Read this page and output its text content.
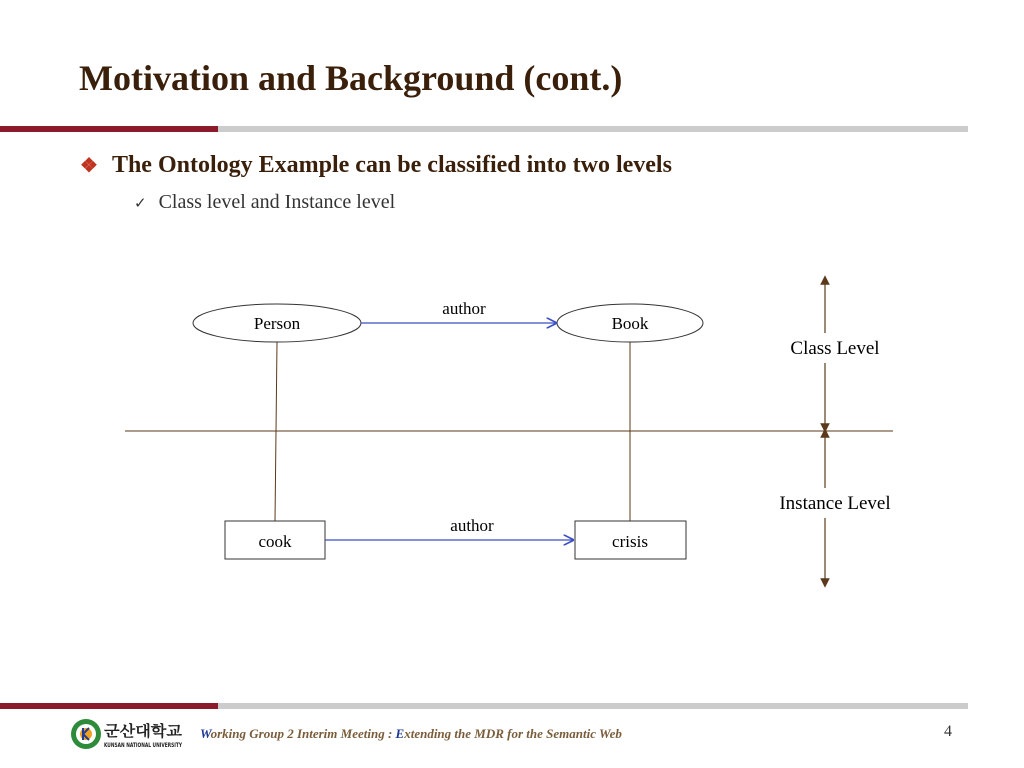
Motivation and Background (cont.)
❖ The Ontology Example can be classified into two levels
✓ Class level and Instance level
Person	Book
author
cook	crisis
author
Class Level
Instance Level
군산대학교
KUNSAN NATIONAL UNIVERSITY
Working Group 2 Interim Meeting : Extending the MDR for the Semantic Web	4
